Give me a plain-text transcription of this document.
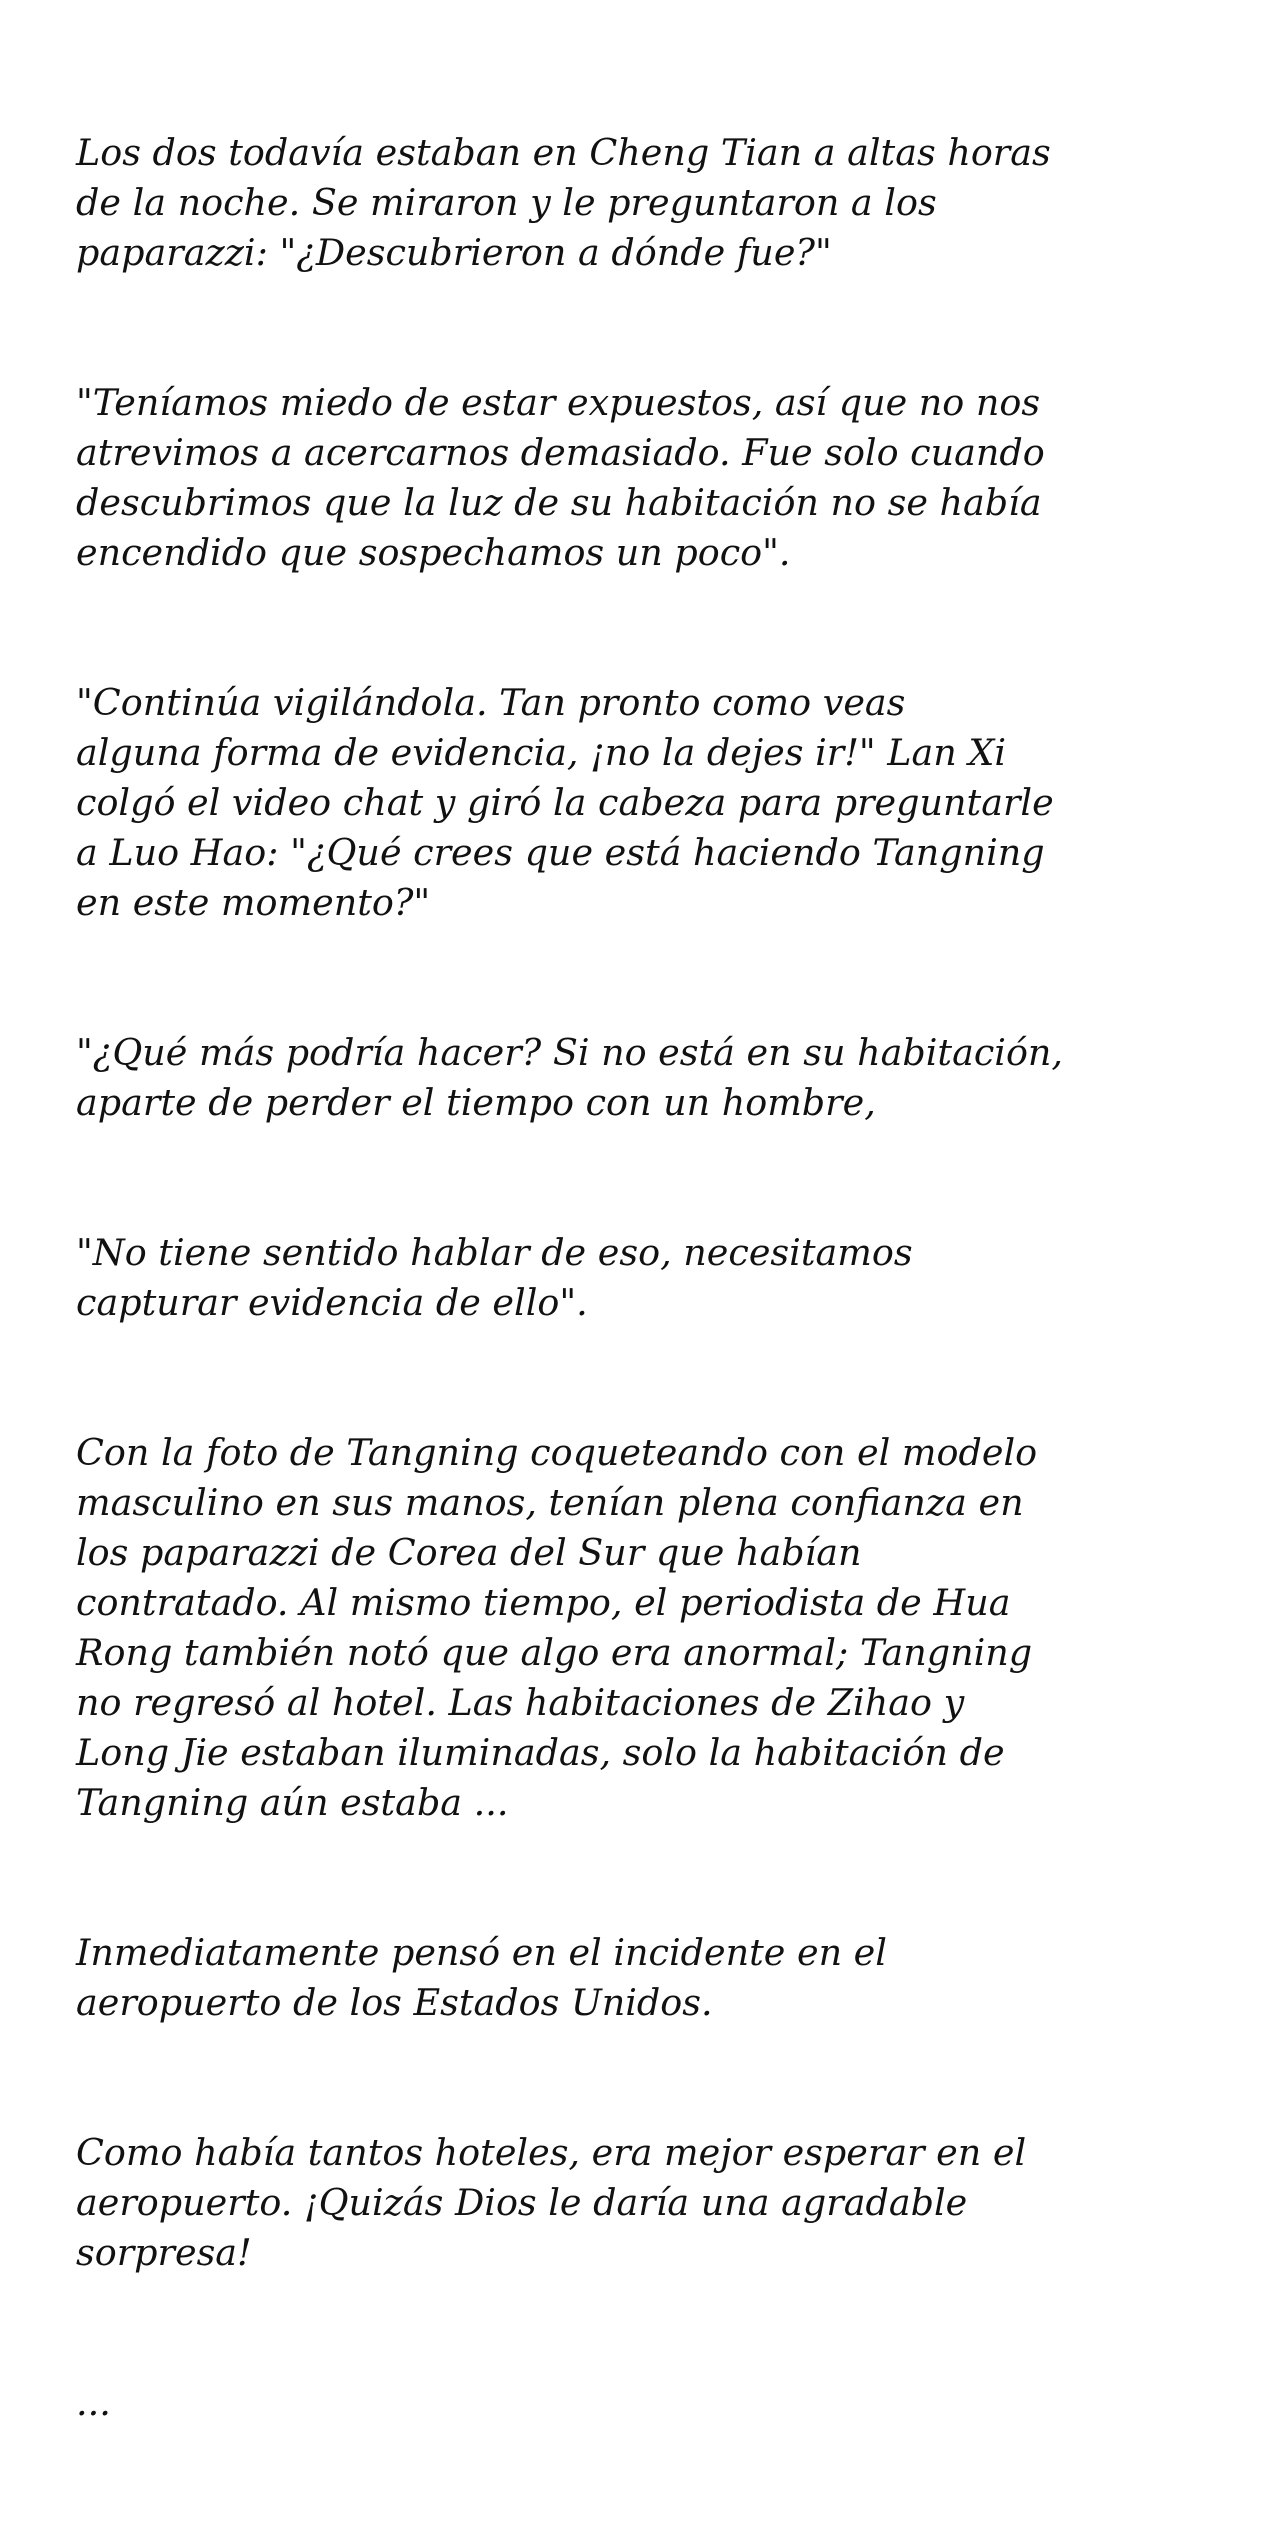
Los dos todavía estaban en Cheng Tian a altas horas
de la noche. Se miraron y le preguntaron a los
paparazzi: "¿Descubrieron a dónde fue?"

"Teníamos miedo de estar expuestos, así que no nos
atrevimos a acercarnos demasiado. Fue solo cuando
descubrimos que la luz de su habitación no se había
encendido que sospechamos un poco".

"Continúa vigilándola. Tan pronto como veas
alguna forma de evidencia, ¡no la dejes ir!" Lan Xi
colgó el video chat y giró la cabeza para preguntarle
a Luo Hao: "¿Qué crees que está haciendo Tangning
en este momento?"

"¿Qué más podría hacer? Si no está en su habitación,
aparte de perder el tiempo con un hombre,

"No tiene sentido hablar de eso, necesitamos
capturar evidencia de ello".

Con la foto de Tangning coqueteando con el modelo
masculino en sus manos, tenían plena confianza en
los paparazzi de Corea del Sur que habían
contratado. Al mismo tiempo, el periodista de Hua
Rong también notó que algo era anormal; Tangning
no regresó al hotel. Las habitaciones de Zihao y
Long Jie estaban iluminadas, solo la habitación de
Tangning aún estaba ...

Inmediatamente pensó en el incidente en el
aeropuerto de los Estados Unidos.

Como había tantos hoteles, era mejor esperar en el
aeropuerto. ¡Quizás Dios le daría una agradable
sorpresa!

...
